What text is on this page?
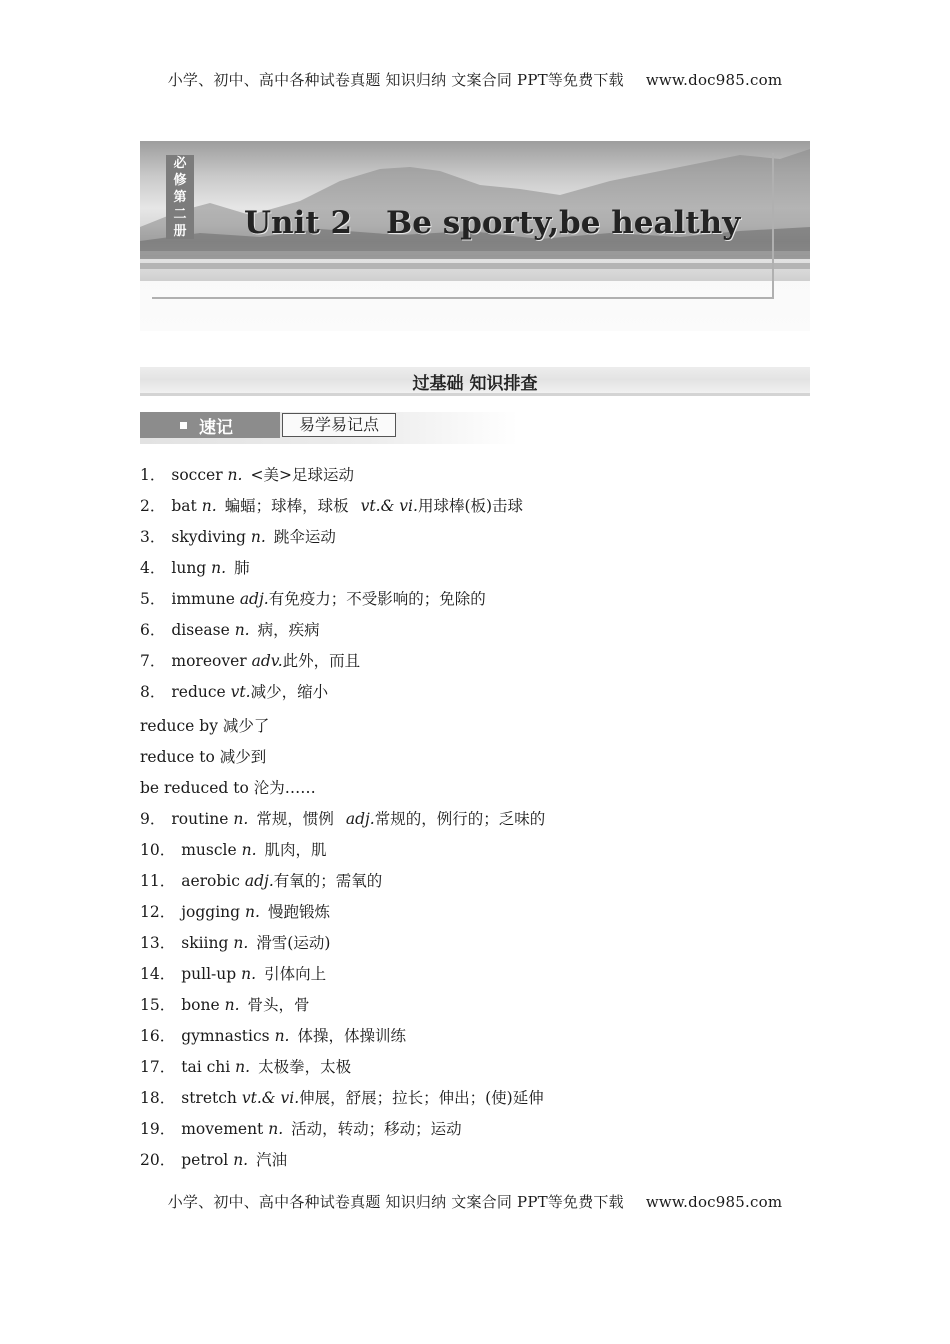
小学、初中、高中各种试卷真题 知识归纳 文案合同 PPT等免费下载 www.doc985.com
必
修
第
二
册 Unit 2 Be sporty,be healthy
过基础 知识排查
速记	易学易记点
1． soccer n. <美>足球运动
2． bat n. 蝙蝠；球棒，球板 vt.& vi.用球棒(板)击球
3． skydiving n. 跳伞运动
4． lung n. 肺
5． immune adj.有免疫力；不受影响的；免除的
6． disease n. 病，疾病
7． moreover adv.此外，而且
8． reduce vt.减少，缩小
reduce by 减少了
reduce to 减少到
be reduced to 沦为……
9． routine n. 常规，惯例 adj.常规的，例行的；乏味的
10． muscle n. 肌肉，肌
11． aerobic adj.有氧的；需氧的
12． jogging n. 慢跑锻炼
13． skiing n. 滑雪(运动)
14． pull-up n. 引体向上
15． bone n. 骨头，骨
16． gymnastics n. 体操，体操训练
17． tai chi n. 太极拳，太极
18． stretch vt.& vi.伸展，舒展；拉长；伸出；(使)延伸
19． movement n. 活动，转动；移动；运动
20． petrol n. 汽油
小学、初中、高中各种试卷真题 知识归纳 文案合同 PPT等免费下载 www.doc985.com
